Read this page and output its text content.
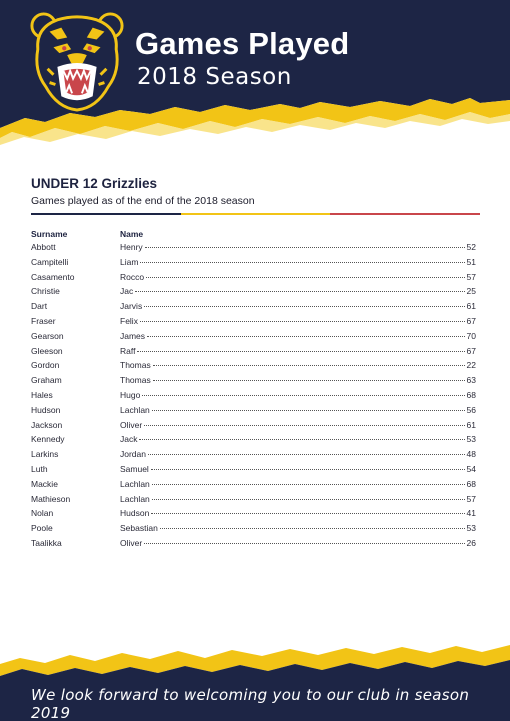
Games Played
2018 Season
UNDER 12 Grizzlies
Games played as of the end of the 2018 season
Surname	Name
Abbott	Henry	52
Campitelli	Liam	51
Casamento	Rocco	57
Christie	Jac	25
Dart	Jarvis	61
Fraser	Felix	67
Gearson	James	70
Gleeson	Raff	67
Gordon	Thomas	22
Graham	Thomas	63
Hales	Hugo	68
Hudson	Lachlan	56
Jackson	Oliver	61
Kennedy	Jack	53
Larkins	Jordan	48
Luth	Samuel	54
Mackie	Lachlan	68
Mathieson	Lachlan	57
Nolan	Hudson	41
Poole	Sebastian	53
Taalikka	Oliver	26
We look forward to welcoming you to our club in season 2019
